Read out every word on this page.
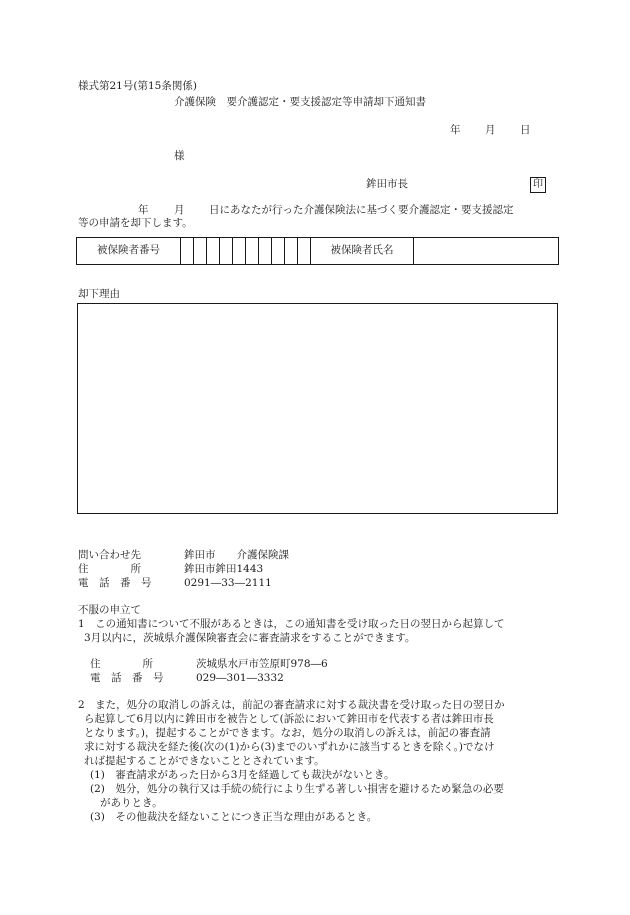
様式第21号(第15条関係)
介護保険　要介護認定・要支援認定等申請却下通知書
年 月 日
様
鉾田市長	印
年 月 日にあなたが行った介護保険法に基づく要介護認定・要支援認定
等の申請を却下します。
被保険者番号											被保険者氏名	
却下理由
問い合わせ先	鉾田市　　介護保険課
住　　　　所	鉾田市鉾田1443
電　話　番　号	0291―33―2111
不服の申立て
1　この通知書について不服があるときは，この通知書を受け取った日の翌日から起算して
3月以内に，茨城県介護保険審査会に審査請求をすることができます。
住　　　　所	茨城県水戸市笠原町978―6
電　話　番　号	029―301―3332
2　また，処分の取消しの訴えは，前記の審査請求に対する裁決書を受け取った日の翌日か
ら起算して6月以内に鉾田市を被告として(訴訟において鉾田市を代表する者は鉾田市長
となります。)，提起することができます。なお，処分の取消しの訴えは，前記の審査請
求に対する裁決を経た後(次の(1)から(3)までのいずれかに該当するときを除く。)でなけ
れば提起することができないこととされています。
(1)　審査請求があった日から3月を経過しても裁決がないとき。
(2)　処分，処分の執行又は手続の続行により生ずる著しい損害を避けるため緊急の必要
がありとき。
(3)　その他裁決を経ないことにつき正当な理由があるとき。
